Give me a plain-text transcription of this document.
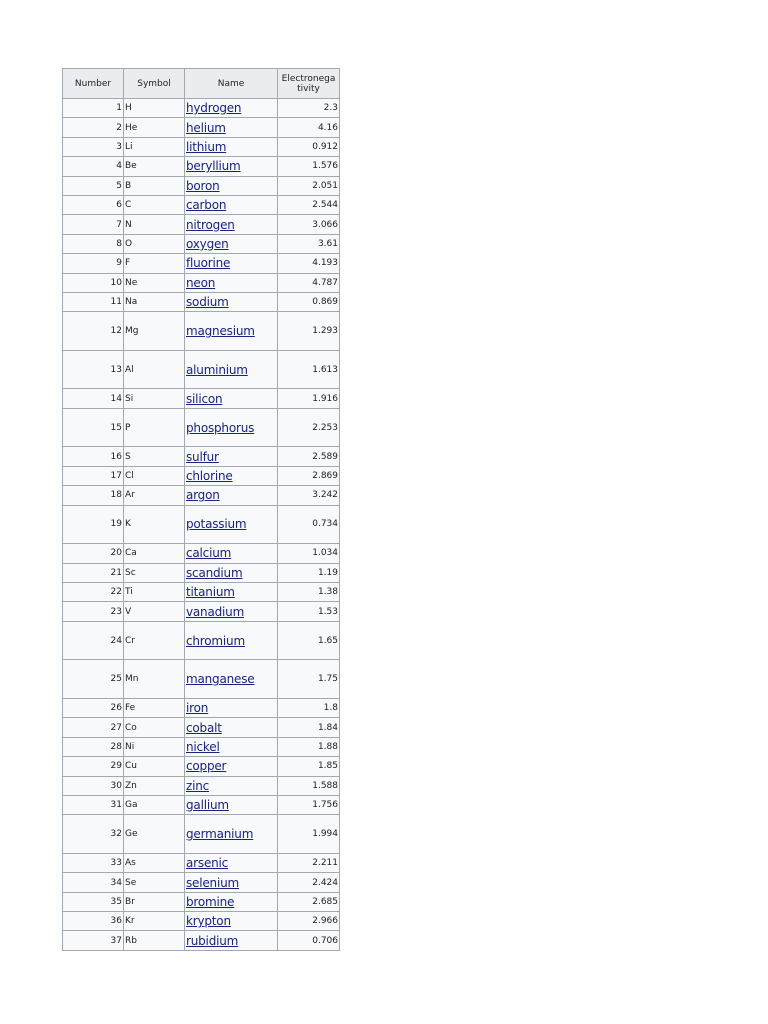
Number	Symbol	Name	Electronega
tivity
1	H	hydrogen	2.3
2	He	helium	4.16
3	Li	lithium	0.912
4	Be	beryllium	1.576
5	B	boron	2.051
6	C	carbon	2.544
7	N	nitrogen	3.066
8	O	oxygen	3.61
9	F	fluorine	4.193
10	Ne	neon	4.787
11	Na	sodium	0.869
12	Mg	magnesium	1.293
13	Al	aluminium	1.613
14	Si	silicon	1.916
15	P	phosphorus	2.253
16	S	sulfur	2.589
17	Cl	chlorine	2.869
18	Ar	argon	3.242
19	K	potassium	0.734
20	Ca	calcium	1.034
21	Sc	scandium	1.19
22	Ti	titanium	1.38
23	V	vanadium	1.53
24	Cr	chromium	1.65
25	Mn	manganese	1.75
26	Fe	iron	1.8
27	Co	cobalt	1.84
28	Ni	nickel	1.88
29	Cu	copper	1.85
30	Zn	zinc	1.588
31	Ga	gallium	1.756
32	Ge	germanium	1.994
33	As	arsenic	2.211
34	Se	selenium	2.424
35	Br	bromine	2.685
36	Kr	krypton	2.966
37	Rb	rubidium	0.706
